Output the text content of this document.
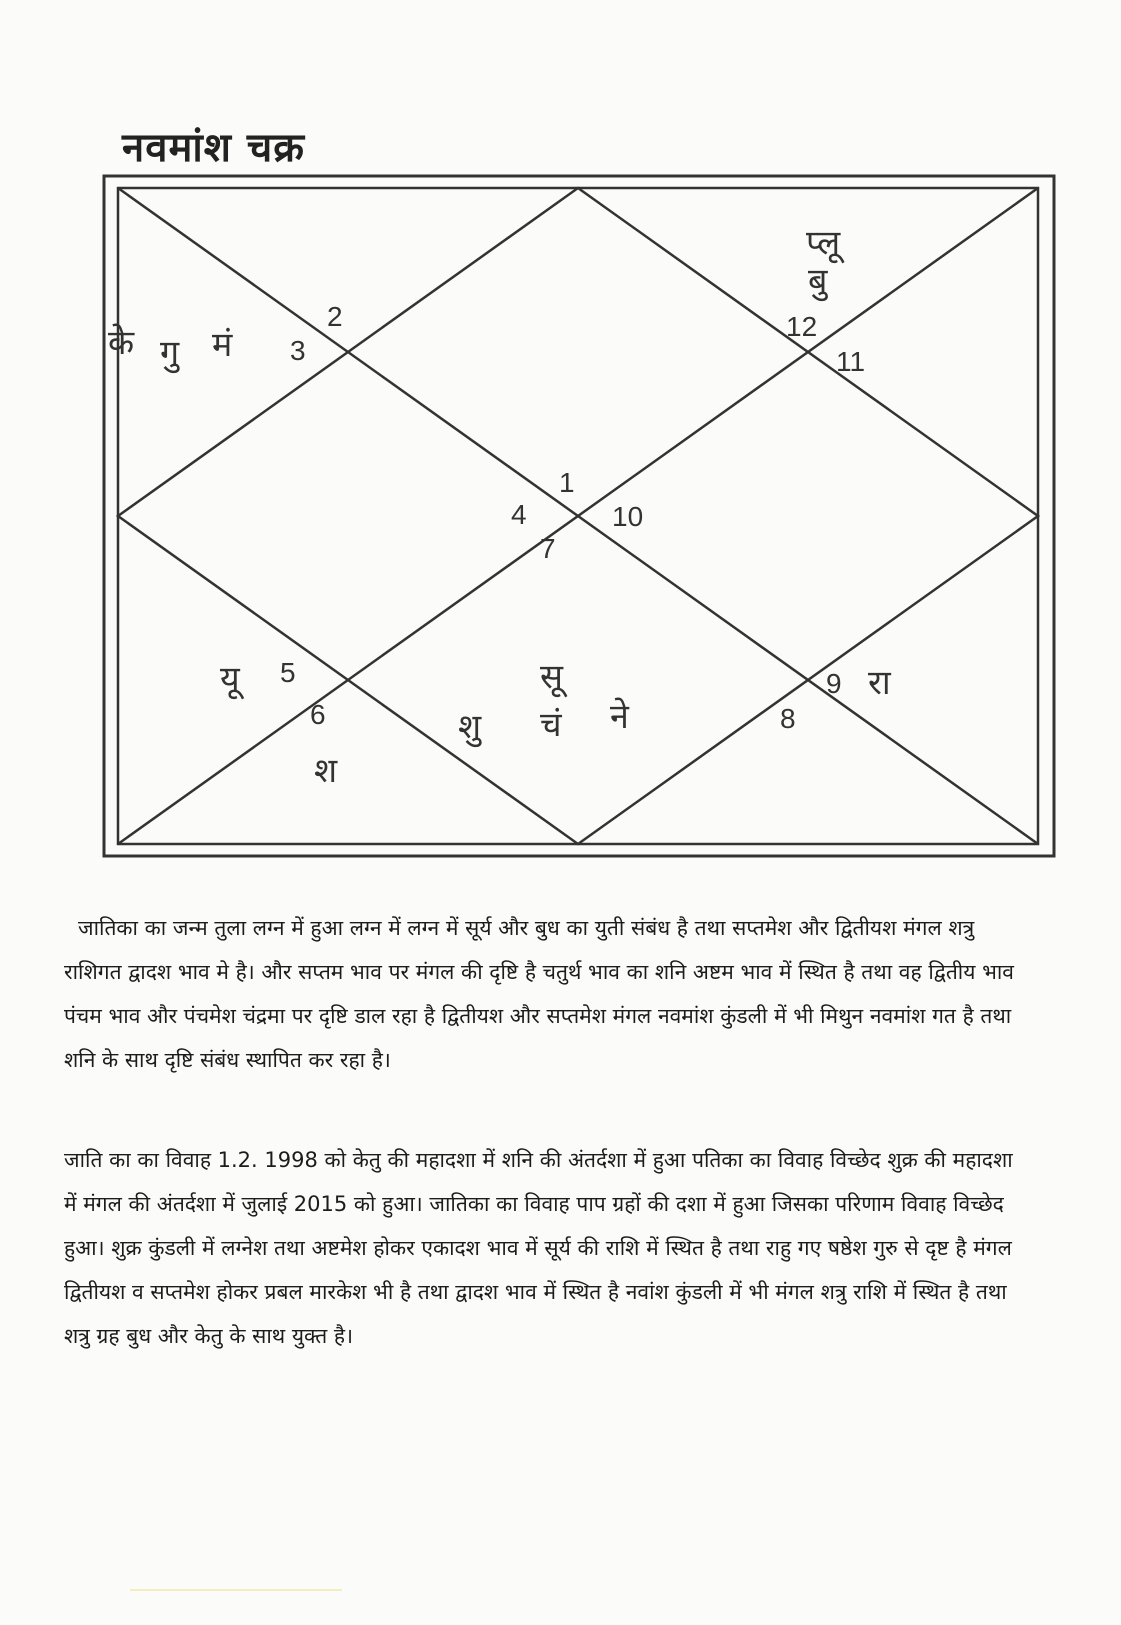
नवमांश चक्र
1
2
3
4
5
6
7
8
9
10
11
12
के गु मं
प्लू
बु
यू
श
सू
शु चं ने
रा

जातिका का जन्म तुला लग्न में हुआ लग्न में लग्न में सूर्य और बुध का युती संबंध है तथा सप्तमेश और द्वितीयश मंगल शत्रु राशिगत द्वादश भाव मे है। और सप्तम भाव पर मंगल की दृष्टि है चतुर्थ भाव का शनि अष्टम भाव में स्थित है तथा वह द्वितीय भाव पंचम भाव और पंचमेश चंद्रमा पर दृष्टि डाल रहा है द्वितीयश और सप्तमेश मंगल नवमांश कुंडली में भी मिथुन नवमांश गत है तथा शनि के साथ दृष्टि संबंध स्थापित कर रहा है।

जाति का का विवाह 1.2. 1998 को केतु की महादशा में शनि की अंतर्दशा में हुआ पतिका का विवाह विच्छेद शुक्र की महादशा में मंगल की अंतर्दशा में जुलाई 2015 को हुआ। जातिका का विवाह पाप ग्रहों की दशा में हुआ जिसका परिणाम विवाह विच्छेद हुआ। शुक्र कुंडली में लग्नेश तथा अष्टमेश होकर एकादश भाव में सूर्य की राशि में स्थित है तथा राहु गए षष्ठेश गुरु से दृष्ट है मंगल द्वितीयश व सप्तमेश होकर प्रबल मारकेश भी है तथा द्वादश भाव में स्थित है नवांश कुंडली में भी मंगल शत्रु राशि में स्थित है तथा शत्रु ग्रह बुध और केतु के साथ युक्त है।
